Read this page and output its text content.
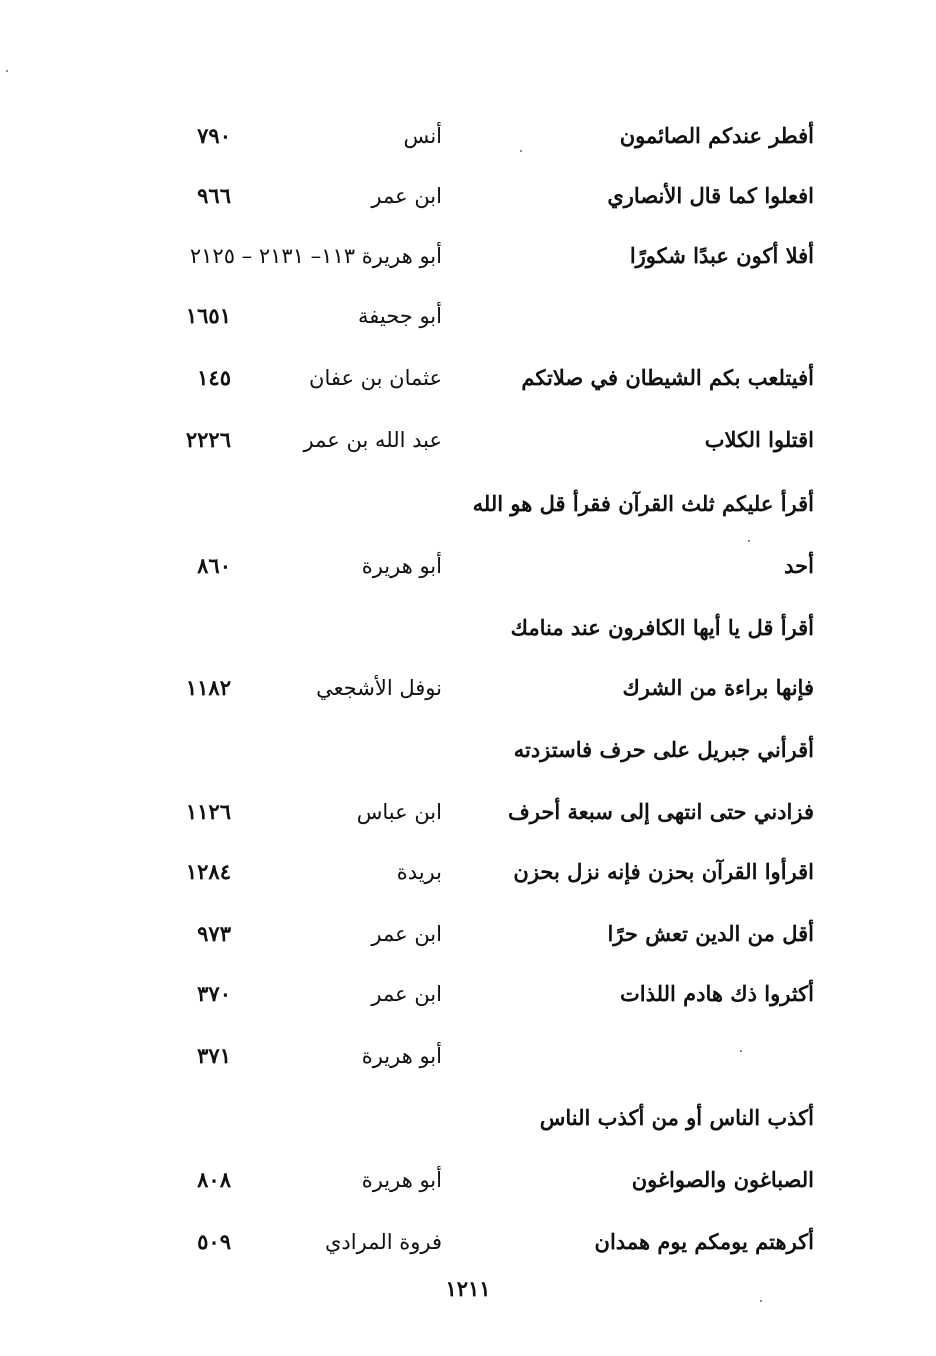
أفطر عندكم الصائمون
أنس
٧٩٠
افعلوا كما قال الأنصاري
ابن عمر
٩٦٦
أفلا أكون عبدًا شكورًا
أبو هريرة ١١٣– ٢١٣١ – ٢١٢٥
أبو جحيفة
١٦٥١
أفيتلعب بكم الشيطان في صلاتكم
عثمان بن عفان
١٤٥
اقتلوا الكلاب
عبد الله بن عمر
٢٢٢٦
أقرأ عليكم ثلث القرآن فقرأ قل هو الله
أحد
أبو هريرة
٨٦٠
أقرأ قل يا أيها الكافرون عند منامك
فإنها براءة من الشرك
نوفل الأشجعي
١١٨٢
أقرأني جبريل على حرف فاستزدته
فزادني حتى انتهى إلى سبعة أحرف
ابن عباس
١١٢٦
اقرأوا القرآن بحزن فإنه نزل بحزن
بريدة
١٢٨٤
أقل من الدين تعش حرًا
ابن عمر
٩٧٣
أكثروا ذك هادم اللذات
ابن عمر
٣٧٠
أبو هريرة
٣٧١
أكذب الناس أو من أكذب الناس
الصباغون والصواغون
أبو هريرة
٨٠٨
أكرهتم يومكم يوم همدان
فروة المرادي
٥٠٩
١٢١١
